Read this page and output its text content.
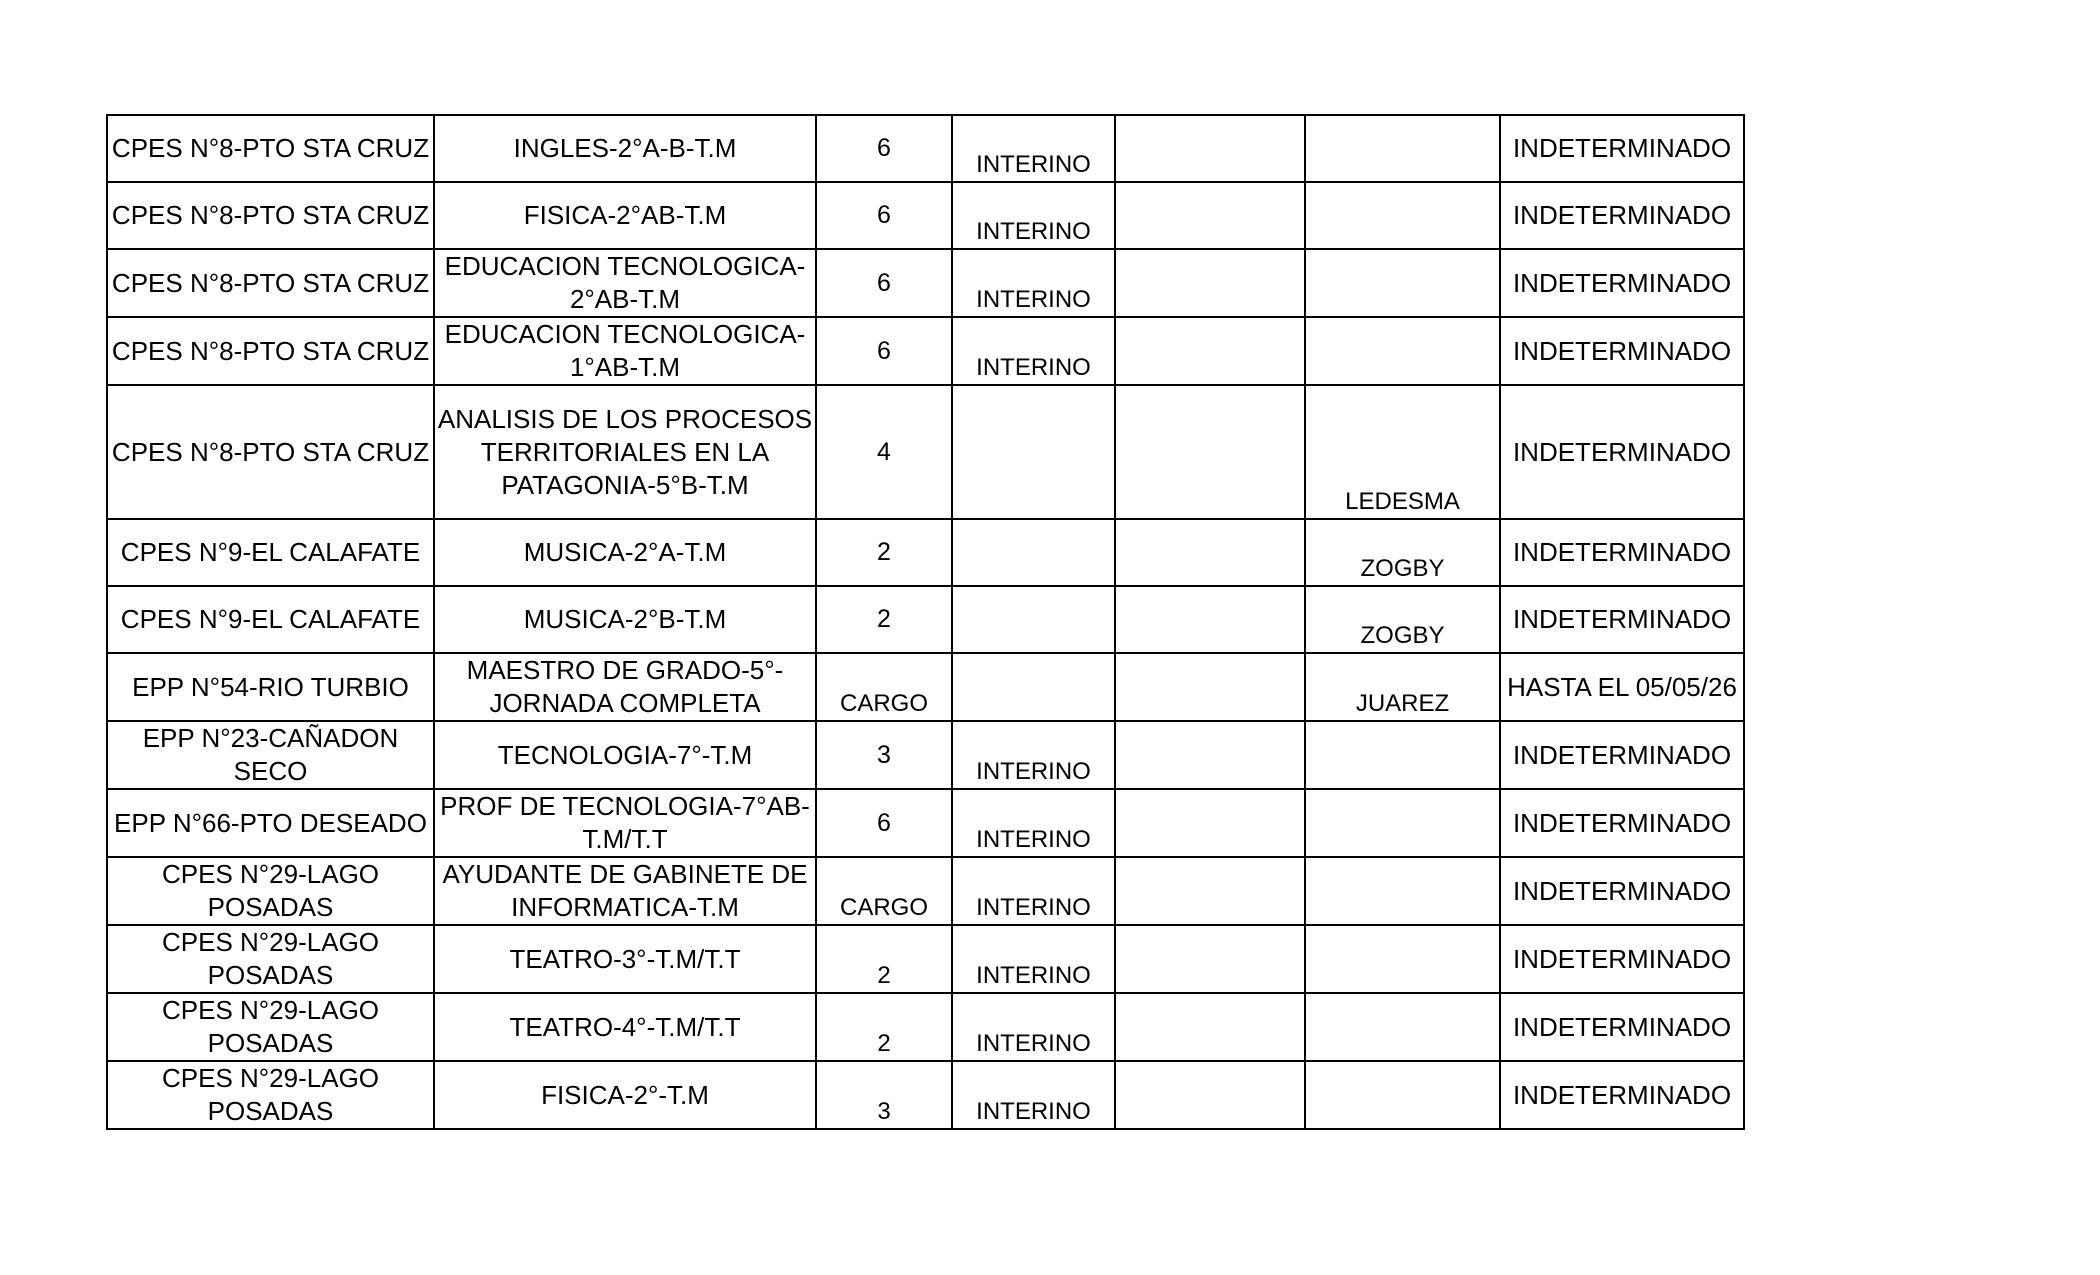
CPES N°8-PTO STA CRUZ	INGLES-2°A-B-T.M	6	INTERINO			INDETERMINADO
CPES N°8-PTO STA CRUZ	FISICA-2°AB-T.M	6	INTERINO			INDETERMINADO
CPES N°8-PTO STA CRUZ	EDUCACION TECNOLOGICA-2°AB-T.M	6	INTERINO			INDETERMINADO
CPES N°8-PTO STA CRUZ	EDUCACION TECNOLOGICA-1°AB-T.M	6	INTERINO			INDETERMINADO
CPES N°8-PTO STA CRUZ	ANALISIS DE LOS PROCESOS TERRITORIALES EN LA PATAGONIA-5°B-T.M	4			LEDESMA	INDETERMINADO
CPES N°9-EL CALAFATE	MUSICA-2°A-T.M	2			ZOGBY	INDETERMINADO
CPES N°9-EL CALAFATE	MUSICA-2°B-T.M	2			ZOGBY	INDETERMINADO
EPP N°54-RIO TURBIO	MAESTRO DE GRADO-5°-JORNADA COMPLETA	CARGO			JUAREZ	HASTA EL 05/05/26
EPP N°23-CAÑADON SECO	TECNOLOGIA-7°-T.M	3	INTERINO			INDETERMINADO
EPP N°66-PTO DESEADO	PROF DE TECNOLOGIA-7°AB-T.M/T.T	6	INTERINO			INDETERMINADO
CPES N°29-LAGO POSADAS	AYUDANTE DE GABINETE DE INFORMATICA-T.M	CARGO	INTERINO			INDETERMINADO
CPES N°29-LAGO POSADAS	TEATRO-3°-T.M/T.T	2	INTERINO			INDETERMINADO
CPES N°29-LAGO POSADAS	TEATRO-4°-T.M/T.T	2	INTERINO			INDETERMINADO
CPES N°29-LAGO POSADAS	FISICA-2°-T.M	3	INTERINO			INDETERMINADO
